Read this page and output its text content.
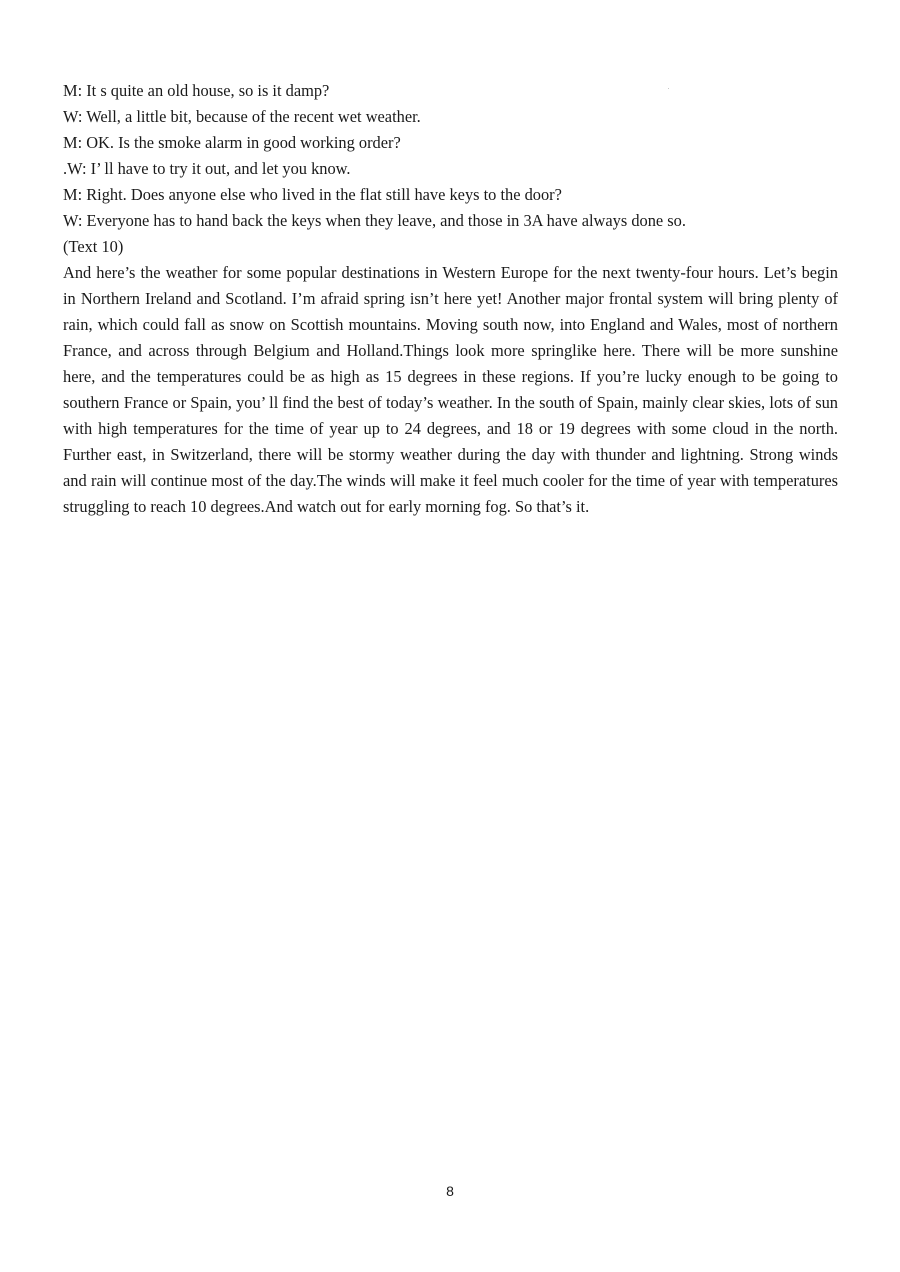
M: It s quite an old house, so is it damp?

W: Well, a little bit, because of the recent wet weather.

M: OK. Is the smoke alarm in good working order?

.W: I’ ll have to try it out, and let you know.

M: Right. Does anyone else who lived in the flat still have keys to the door?

W: Everyone has to hand back the keys when they leave, and those in 3A have always done so.

(Text 10)

And here’s the weather for some popular destinations in Western Europe for the next twenty-four hours. Let’s begin in Northern Ireland and Scotland. I’m afraid spring isn’t here yet! Another major frontal system will bring plenty of rain, which could fall as snow on Scottish mountains. Moving south now, into England and Wales, most of northern France, and across through Belgium and Holland.Things look more springlike here. There will be more sunshine here, and the temperatures could be as high as 15 degrees in these regions. If you’re lucky enough to be going to southern France or Spain, you’ ll find the best of today’s weather. In the south of Spain, mainly clear skies, lots of sun with high temperatures for the time of year up to 24 degrees, and 18 or 19 degrees with some cloud in the north. Further east, in Switzerland, there will be stormy weather during the day with thunder and lightning. Strong winds and rain will continue most of the day.The winds will make it feel much cooler for the time of year with temperatures struggling to reach 10 degrees.And watch out for early morning fog. So that’s it.

8
